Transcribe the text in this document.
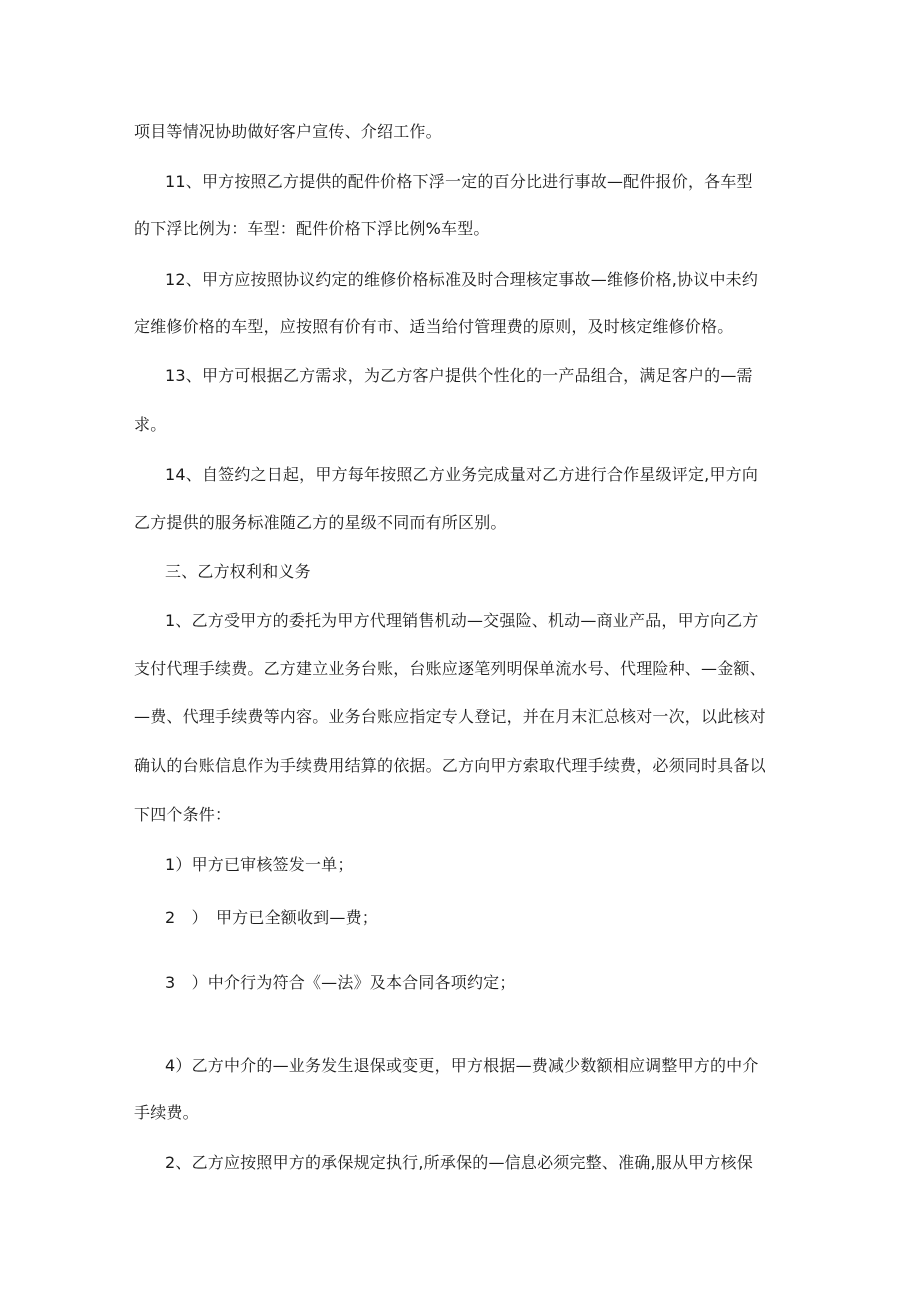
项目等情况协助做好客户宣传、介绍工作。
11、甲方按照乙方提供的配件价格下浮一定的百分比进行事故—配件报价，各车型
的下浮比例为：车型：配件价格下浮比例%车型。
12、甲方应按照协议约定的维修价格标准及时合理核定事故—维修价格,协议中未约
定维修价格的车型，应按照有价有市、适当给付管理费的原则，及时核定维修价格。
13、甲方可根据乙方需求，为乙方客户提供个性化的一产品组合，满足客户的—需
求。
14、自签约之日起，甲方每年按照乙方业务完成量对乙方进行合作星级评定,甲方向
乙方提供的服务标准随乙方的星级不同而有所区别。
三、乙方权利和义务
1、乙方受甲方的委托为甲方代理销售机动—交强险、机动—商业产品，甲方向乙方
支付代理手续费。乙方建立业务台账，台账应逐笔列明保单流水号、代理险种、—金额、
—费、代理手续费等内容。业务台账应指定专人登记，并在月末汇总核对一次，以此核对
确认的台账信息作为手续费用结算的依据。乙方向甲方索取代理手续费，必须同时具备以
下四个条件：
1）甲方已审核签发一单；
2　）　甲方已全额收到—费；
3　）中介行为符合《—法》及本合同各项约定；
4）乙方中介的—业务发生退保或变更，甲方根据—费减少数额相应调整甲方的中介
手续费。
2、乙方应按照甲方的承保规定执行,所承保的—信息必须完整、准确,服从甲方核保
